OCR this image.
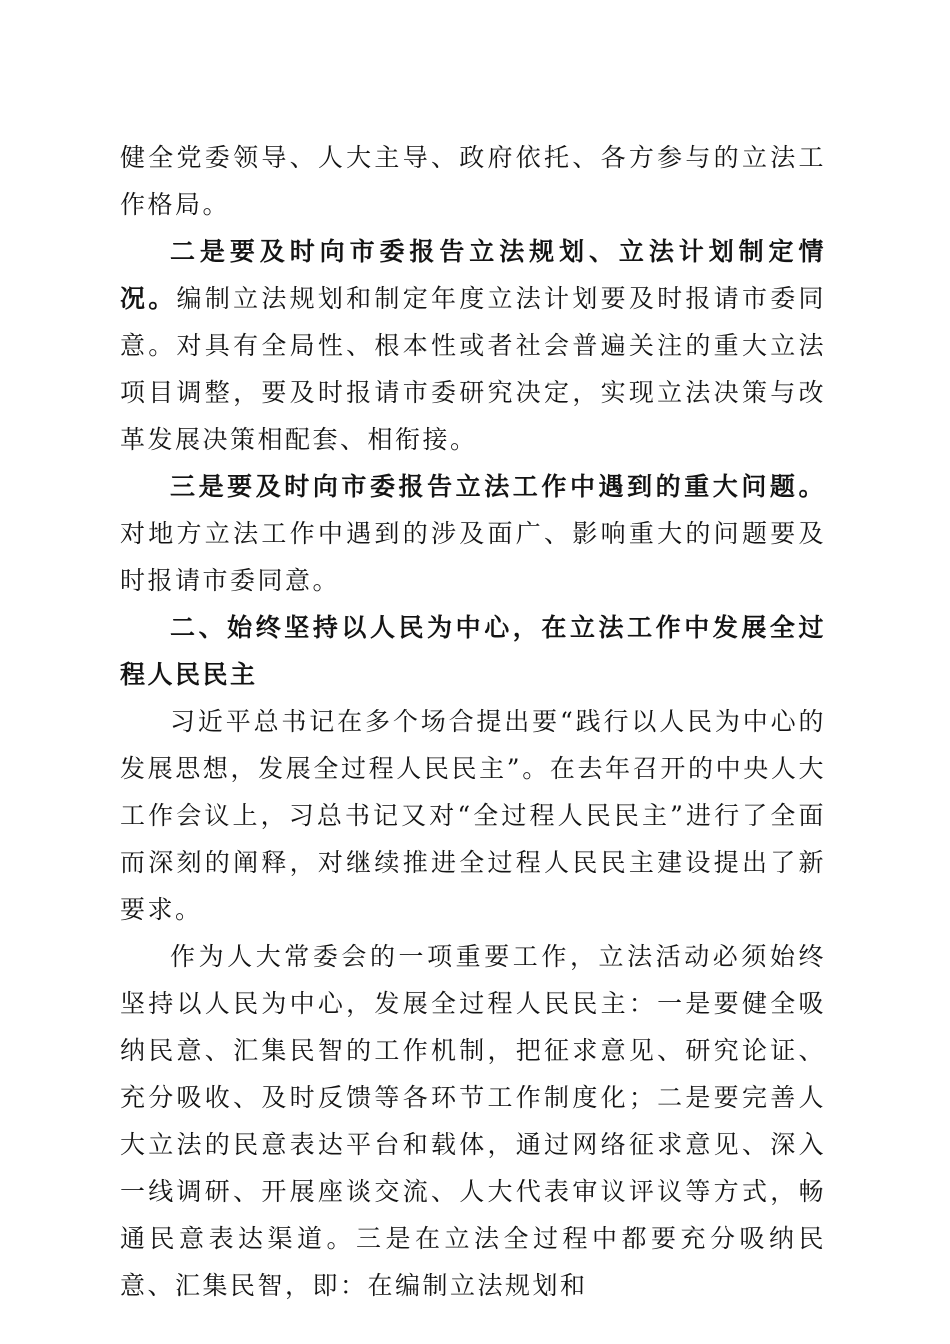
健全党委领导、人大主导、政府依托、各方参与的立法工作格局。

二是要及时向市委报告立法规划、立法计划制定情况。编制立法规划和制定年度立法计划要及时报请市委同意。对具有全局性、根本性或者社会普遍关注的重大立法项目调整，要及时报请市委研究决定，实现立法决策与改革发展决策相配套、相衔接。

三是要及时向市委报告立法工作中遇到的重大问题。对地方立法工作中遇到的涉及面广、影响重大的问题要及时报请市委同意。

二、始终坚持以人民为中心，在立法工作中发展全过程人民民主

习近平总书记在多个场合提出要“践行以人民为中心的发展思想，发展全过程人民民主”。在去年召开的中央人大工作会议上，习总书记又对“全过程人民民主”进行了全面而深刻的阐释，对继续推进全过程人民民主建设提出了新要求。

作为人大常委会的一项重要工作，立法活动必须始终坚持以人民为中心，发展全过程人民民主：一是要健全吸纳民意、汇集民智的工作机制，把征求意见、研究论证、充分吸收、及时反馈等各环节工作制度化；二是要完善人大立法的民意表达平台和载体，通过网络征求意见、深入一线调研、开展座谈交流、人大代表审议评议等方式，畅通民意表达渠道。三是在立法全过程中都要充分吸纳民意、汇集民智，即：在编制立法规划和
